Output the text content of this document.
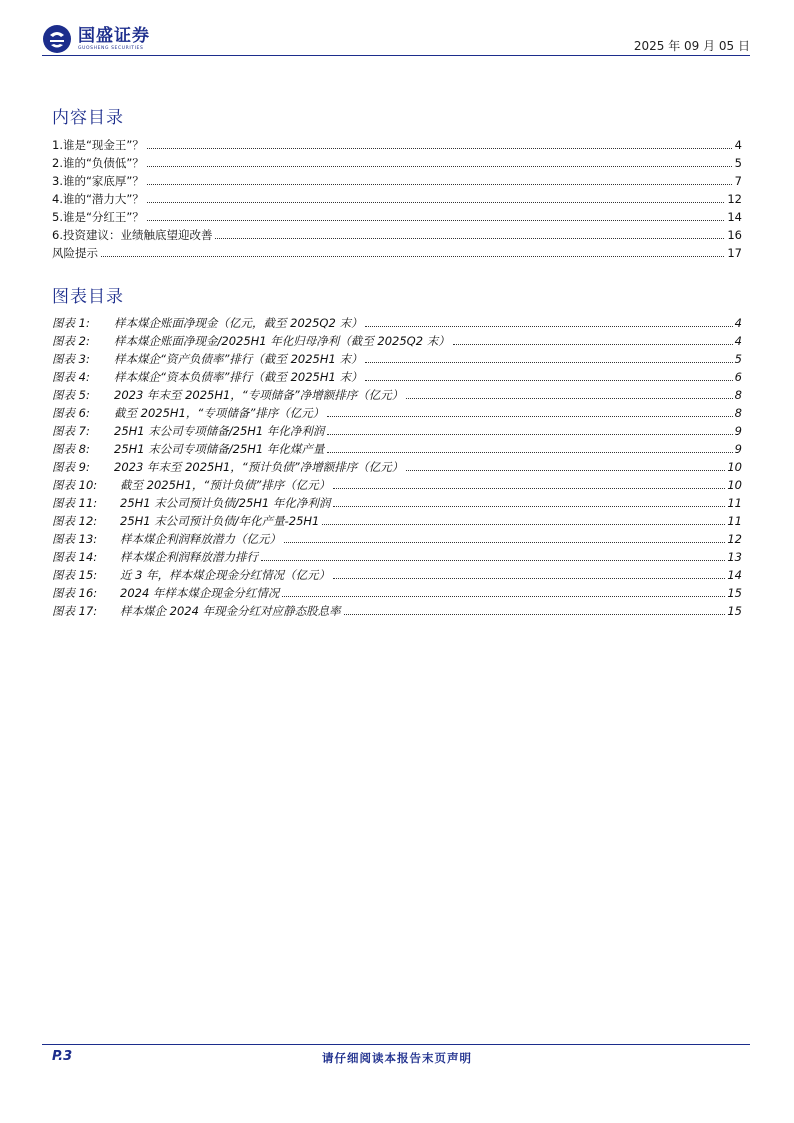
国盛证券
GUOSHENG SECURITIES	2025 年 09 月 05 日
内容目录
1.谁是“现金王”？	4
2.谁的“负债低”？	5
3.谁的“家底厚”？	7
4.谁的“潜力大”？	12
5.谁是“分红王”？	14
6.投资建议：业绩触底望迎改善	16
风险提示	17
图表目录
图表 1: 样本煤企账面净现金（亿元，截至 2025Q2 末）	4
图表 2: 样本煤企账面净现金/2025H1 年化归母净利（截至 2025Q2 末）	4
图表 3: 样本煤企“资产负债率”排行（截至 2025H1 末）	5
图表 4: 样本煤企“资本负债率”排行（截至 2025H1 末）	6
图表 5: 2023 年末至 2025H1，“专项储备”净增额排序（亿元）	8
图表 6: 截至 2025H1，“专项储备”排序（亿元）	8
图表 7: 25H1 末公司专项储备/25H1 年化净利润	9
图表 8: 25H1 末公司专项储备/25H1 年化煤产量	9
图表 9: 2023 年末至 2025H1，“预计负债”净增额排序（亿元）	10
图表 10: 截至 2025H1，“预计负债”排序（亿元）	10
图表 11: 25H1 末公司预计负债/25H1 年化净利润	11
图表 12: 25H1 末公司预计负债/年化产量-25H1	11
图表 13: 样本煤企利润释放潜力（亿元）	12
图表 14: 样本煤企利润释放潜力排行	13
图表 15: 近 3 年，样本煤企现金分红情况（亿元）	14
图表 16: 2024 年样本煤企现金分红情况	15
图表 17: 样本煤企 2024 年现金分红对应静态股息率	15
P.3	请仔细阅读本报告末页声明
